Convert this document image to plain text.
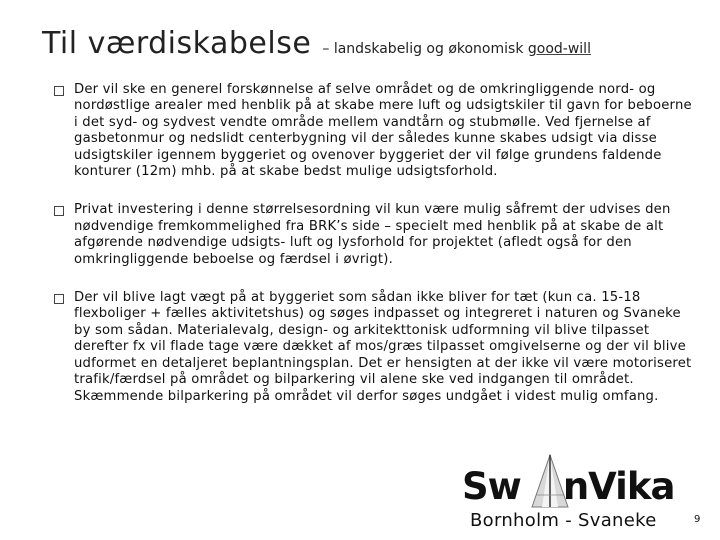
Til værdiskabelse – landskabelig og økonomisk good-will
Der vil ske en generel forskønnelse af selve området og de omkringliggende nord- og nordøstlige arealer med henblik på at skabe mere luft og udsigtskiler til gavn for beboerne i det syd- og sydvest vendte område mellem vandtårn og stubmølle. Ved fjernelse af gasbetonmur og nedslidt centerbygning vil der således kunne skabes udsigt via disse udsigtskiler igennem byggeriet og ovenover byggeriet der vil følge grundens faldende konturer (12m) mhb. på at skabe bedst mulige udsigtsforhold.
Privat investering i denne størrelsesordning vil kun være mulig såfremt der udvises den nødvendige fremkommelighed fra BRK’s side – specielt med henblik på at skabe de alt afgørende nødvendige udsigts- luft og lysforhold for projektet (afledt også for den omkringliggende beboelse og færdsel i øvrigt).
Der vil blive lagt vægt på at byggeriet som sådan ikke bliver for tæt (kun ca. 15-18 flexboliger + fælles aktivitetshus) og søges indpasset og integreret i naturen og Svaneke by som sådan. Materialevalg, design- og arkitekttonisk udformning vil blive tilpasset derefter fx vil flade tage være dækket af mos/græs tilpasset omgivelserne og der vil blive udformet en detaljeret beplantningsplan. Det er hensigten at der ikke vil være motoriseret trafik/færdsel på området og bilparkering vil alene ske ved indgangen til området. Skæmmende bilparkering på området vil derfor søges undgået i videst mulig omfang.
Sw nVika
Bornholm - Svaneke	9
